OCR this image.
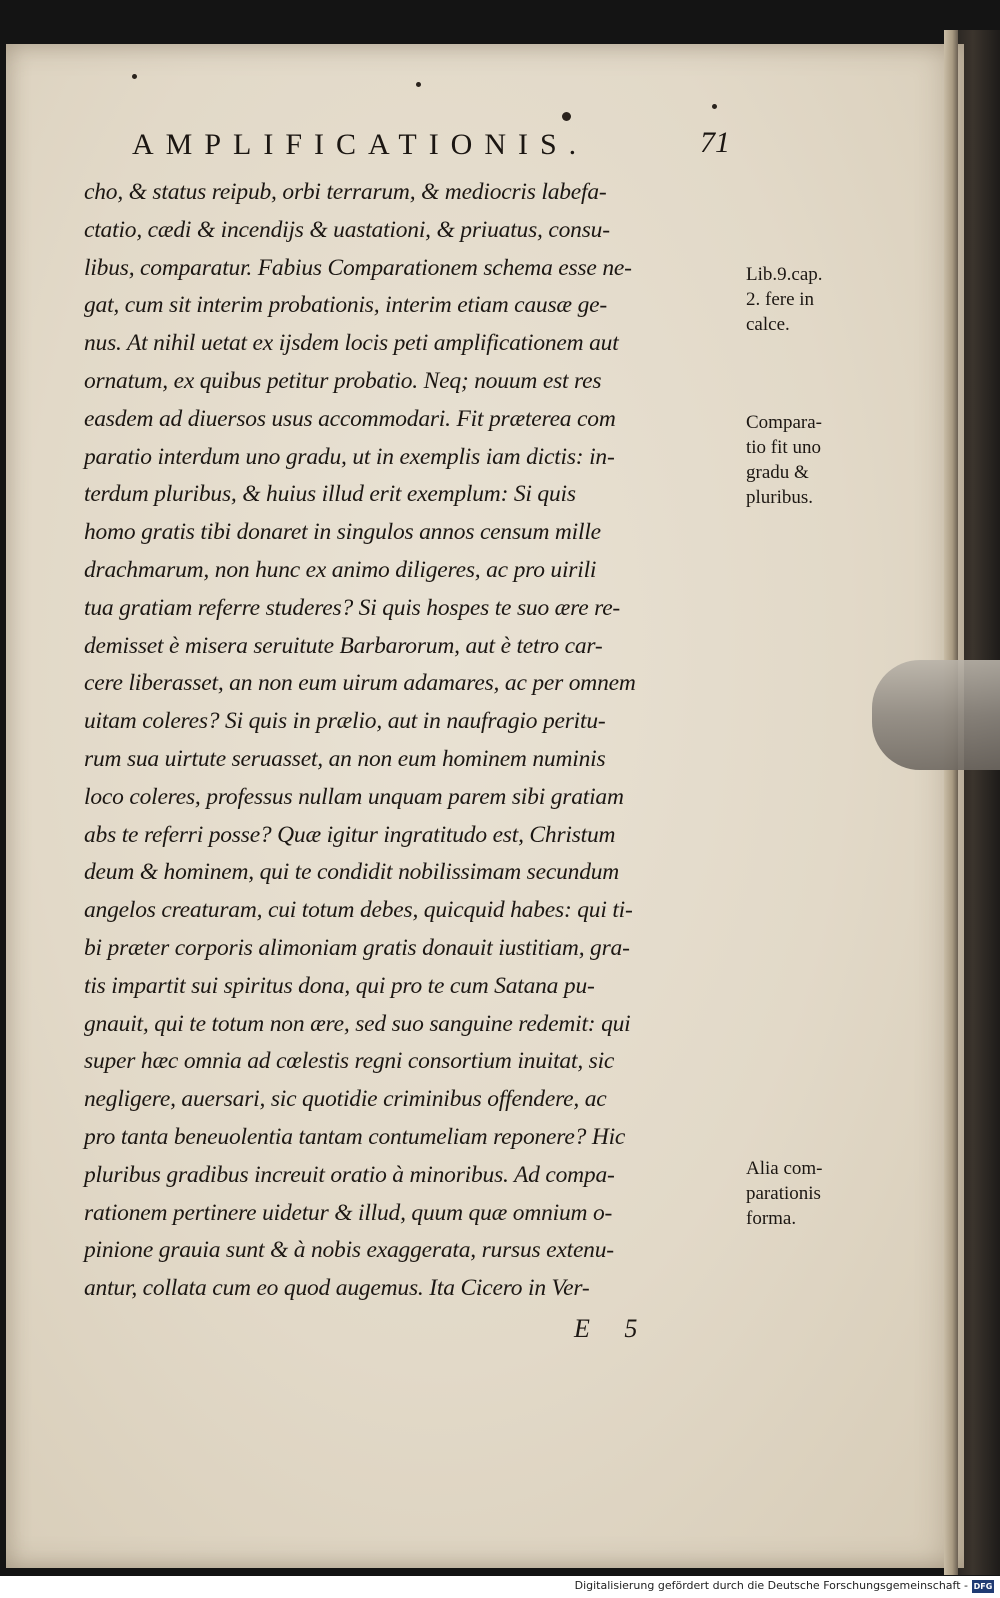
AMPLIFICATIONIS.	71
cho, & status reipub, orbi terrarum, & mediocris labefa-
ctatio, cædi & incendijs & uastationi, & priuatus, consu-
libus, comparatur. Fabius Comparationem schema esse ne-
gat, cum sit interim probationis, interim etiam causæ ge-
nus. At nihil uetat ex ijsdem locis peti amplificationem aut
ornatum, ex quibus petitur probatio. Neq; nouum est res
easdem ad diuersos usus accommodari. Fit præterea com
paratio interdum uno gradu, ut in exemplis iam dictis: in-
terdum pluribus, & huius illud erit exemplum: Si quis
homo gratis tibi donaret in singulos annos censum mille
drachmarum, non hunc ex animo diligeres, ac pro uirili
tua gratiam referre studeres? Si quis hospes te suo ære re-
demisset è misera seruitute Barbarorum, aut è tetro car-
cere liberasset, an non eum uirum adamares, ac per omnem
uitam coleres? Si quis in prælio, aut in naufragio peritu-
rum sua uirtute seruasset, an non eum hominem numinis
loco coleres, professus nullam unquam parem sibi gratiam
abs te referri posse? Quæ igitur ingratitudo est, Christum
deum & hominem, qui te condidit nobilissimam secundum
angelos creaturam, cui totum debes, quicquid habes: qui ti-
bi præter corporis alimoniam gratis donauit iustitiam, gra-
tis impartit sui spiritus dona, qui pro te cum Satana pu-
gnauit, qui te totum non ære, sed suo sanguine redemit: qui
super hæc omnia ad cœlestis regni consortium inuitat, sic
negligere, auersari, sic quotidie criminibus offendere, ac
pro tanta beneuolentia tantam contumeliam reponere? Hic
pluribus gradibus increuit oratio à minoribus. Ad compa-
rationem pertinere uidetur & illud, quum quæ omnium o-
pinione grauia sunt & à nobis exaggerata, rursus extenu-
antur, collata cum eo quod augemus. Ita Cicero in Ver-
Lib.9.cap.
2. fere in
calce.
Compara-
tio fit uno
gradu &
pluribus.
Alia com-
parationis
forma.
E 5
Digitalisierung gefördert durch die Deutsche Forschungsgemeinschaft - DFG
